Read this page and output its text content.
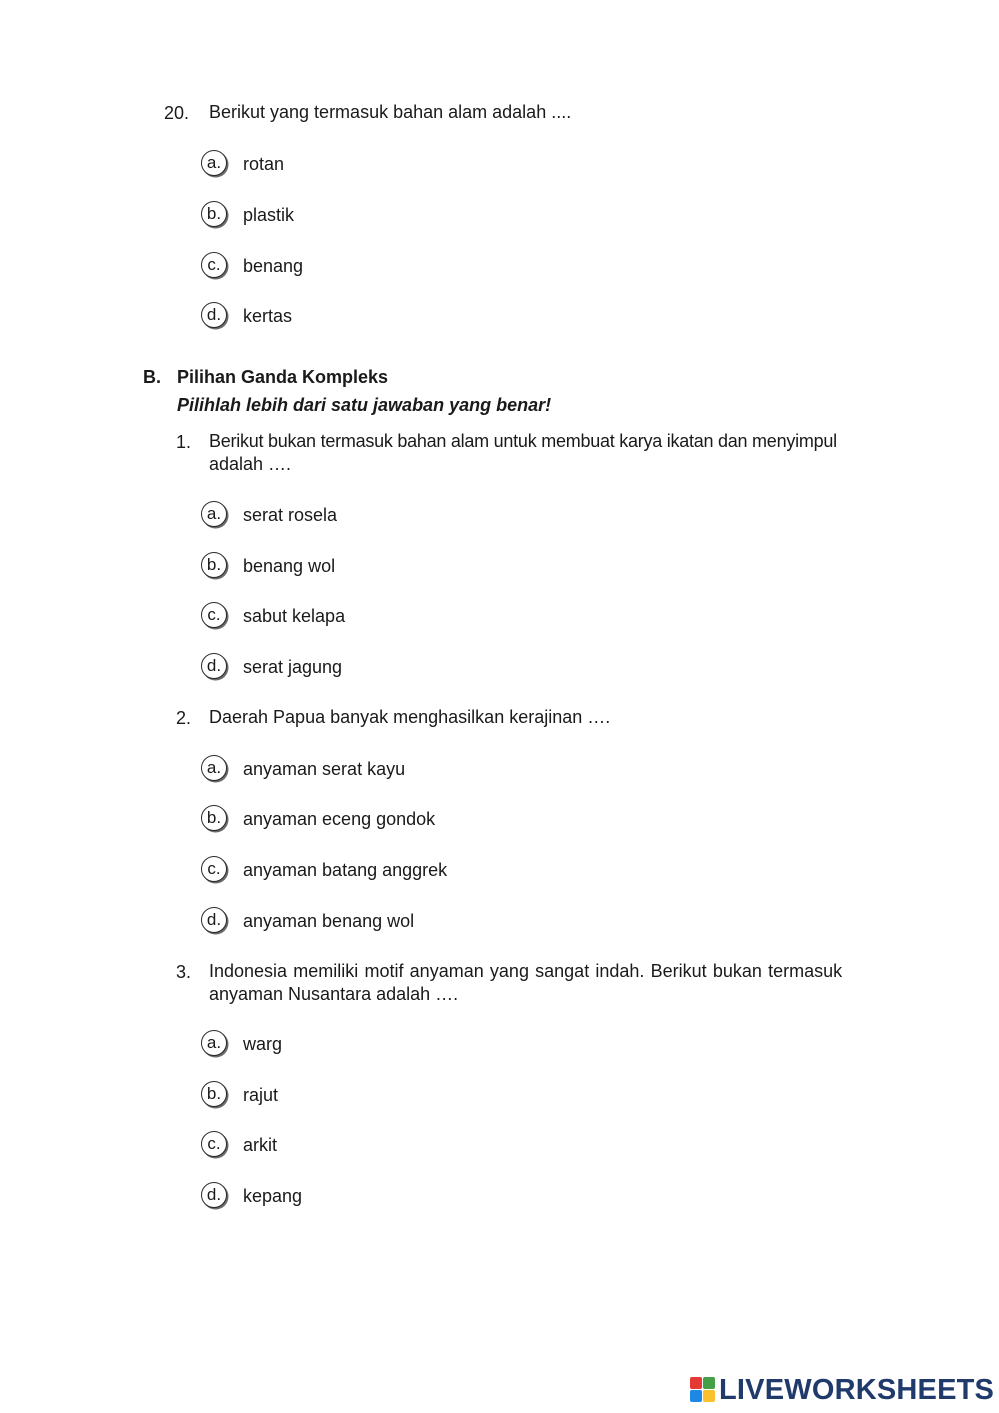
20. Berikut yang termasuk bahan alam adalah ....
a.	rotan
b.	plastik
c.	benang
d.	kertas
B. Pilihan Ganda Kompleks
Pilihlah lebih dari satu jawaban yang benar!
1. Berikut bukan termasuk bahan alam untuk membuat karya ikatan dan menyimpul
adalah ….
a.	serat rosela
b.	benang wol
c.	sabut kelapa
d.	serat jagung
2. Daerah Papua banyak menghasilkan kerajinan ….
a.	anyaman serat kayu
b.	anyaman eceng gondok
c.	anyaman batang anggrek
d.	anyaman benang wol
3. Indonesia memiliki motif anyaman yang sangat indah. Berikut bukan termasuk
anyaman Nusantara adalah ….
a.	warg
b.	rajut
c.	arkit
d.	kepang
LIVEWORKSHEETS
